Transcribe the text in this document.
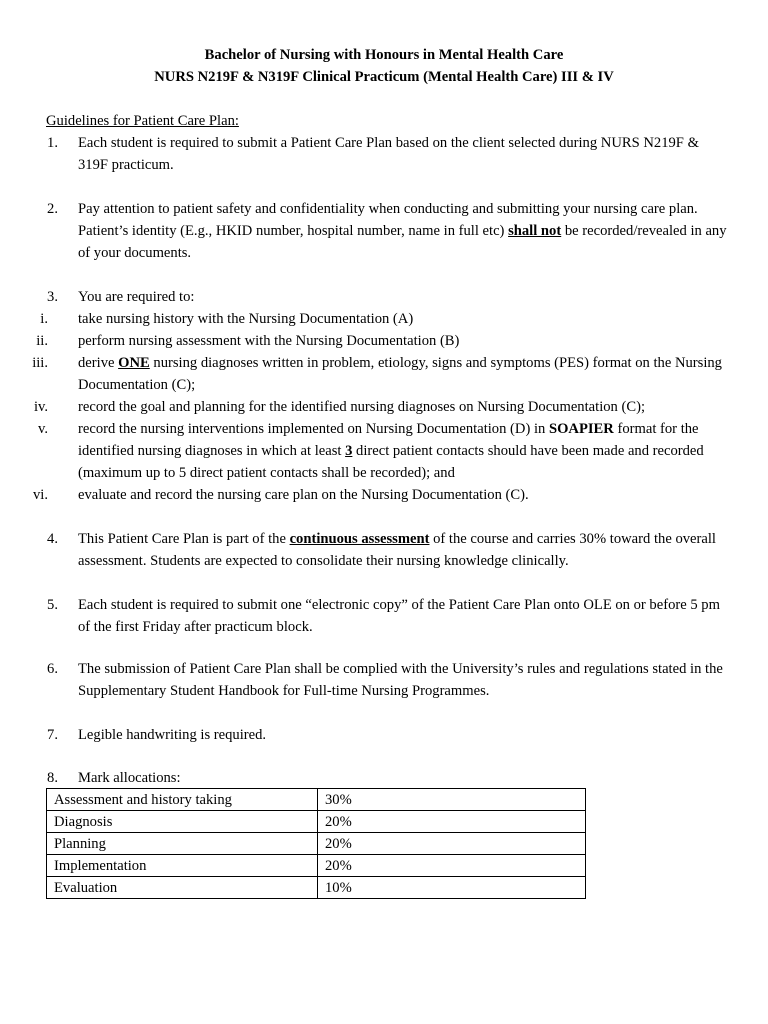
Bachelor of Nursing with Honours in Mental Health Care
NURS N219F & N319F Clinical Practicum (Mental Health Care) III & IV
Guidelines for Patient Care Plan:
1. Each student is required to submit a Patient Care Plan based on the client selected during NURS N219F & 319F practicum.
2. Pay attention to patient safety and confidentiality when conducting and submitting your nursing care plan. Patient’s identity (E.g., HKID number, hospital number, name in full etc) shall not be recorded/revealed in any of your documents.
3. You are required to:
i. take nursing history with the Nursing Documentation (A)
ii. perform nursing assessment with the Nursing Documentation (B)
iii. derive ONE nursing diagnoses written in problem, etiology, signs and symptoms (PES) format on the Nursing Documentation (C);
iv. record the goal and planning for the identified nursing diagnoses on Nursing Documentation (C);
v. record the nursing interventions implemented on Nursing Documentation (D) in SOAPIER format for the identified nursing diagnoses in which at least 3 direct patient contacts should have been made and recorded (maximum up to 5 direct patient contacts shall be recorded); and
vi. evaluate and record the nursing care plan on the Nursing Documentation (C).
4. This Patient Care Plan is part of the continuous assessment of the course and carries 30% toward the overall assessment. Students are expected to consolidate their nursing knowledge clinically.
5. Each student is required to submit one “electronic copy” of the Patient Care Plan onto OLE on or before 5 pm of the first Friday after practicum block.
6. The submission of Patient Care Plan shall be complied with the University’s rules and regulations stated in the Supplementary Student Handbook for Full-time Nursing Programmes.
7. Legible handwriting is required.
8. Mark allocations:
Assessment and history taking	30%
Diagnosis	20%
Planning	20%
Implementation	20%
Evaluation	10%
